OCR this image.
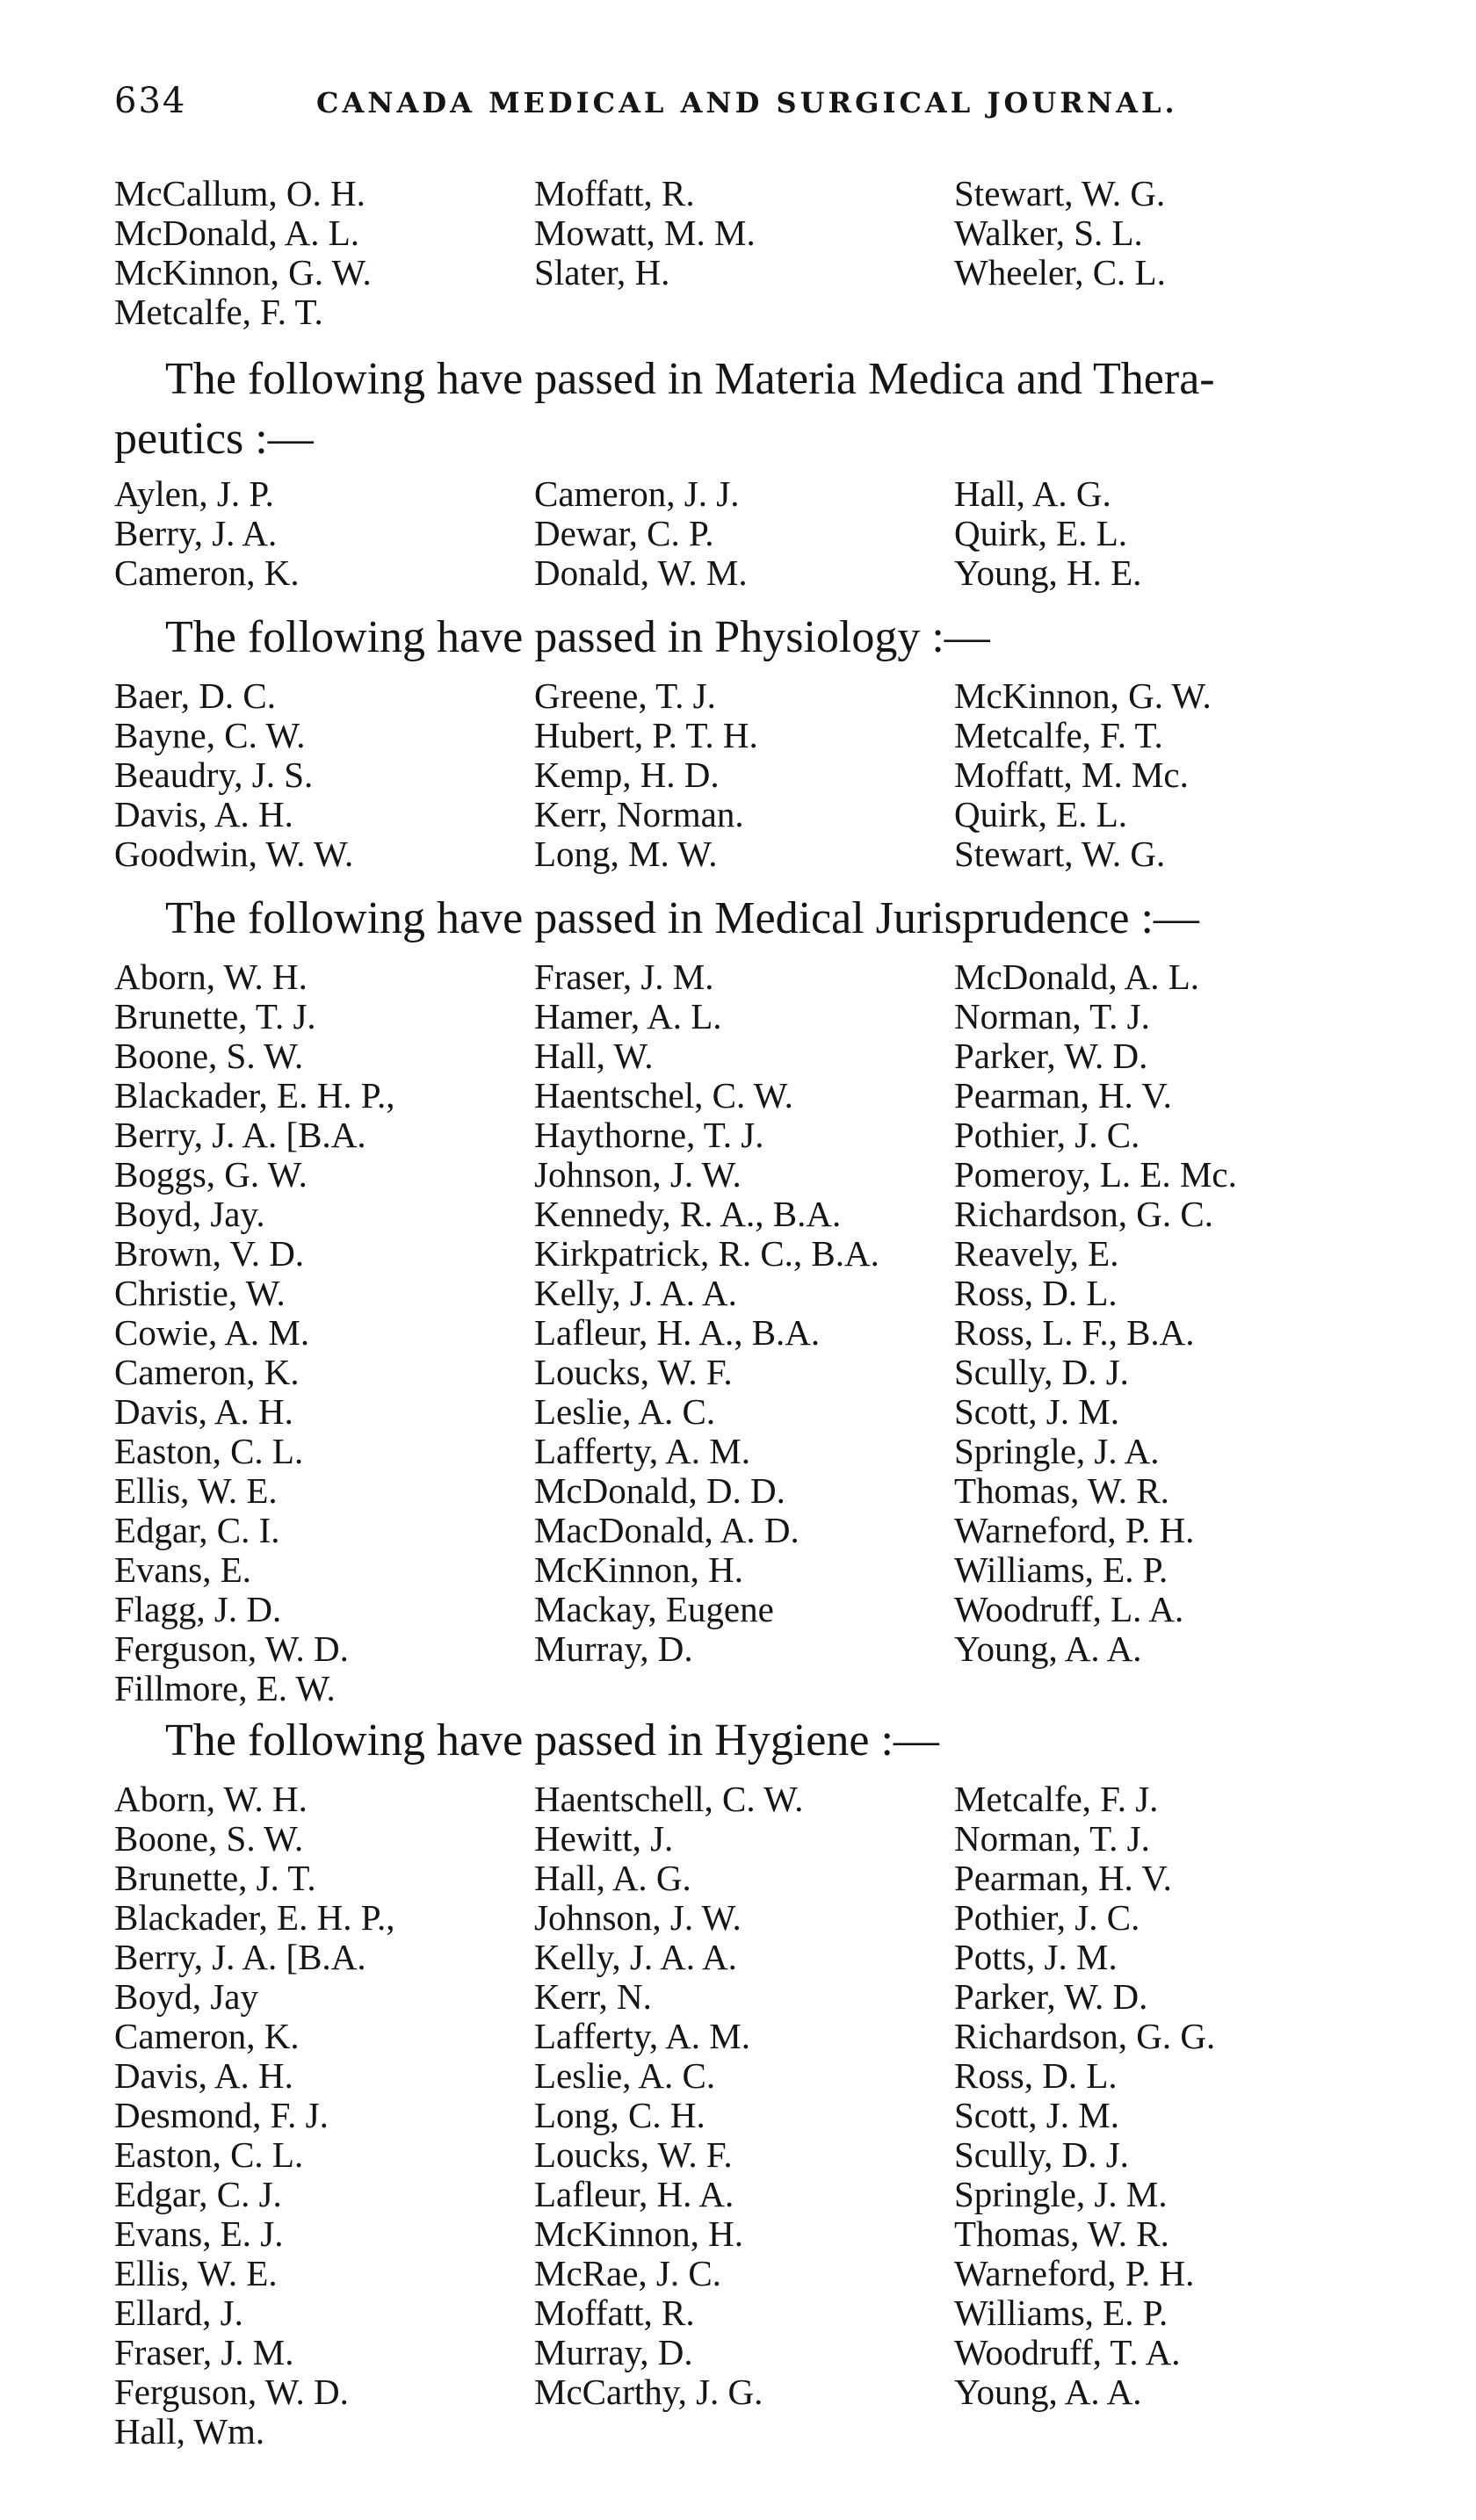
634	CANADA MEDICAL AND SURGICAL JOURNAL.
McCallum, O. H.	Moffatt, R.	Stewart, W. G.
McDonald, A. L.	Mowatt, M. M.	Walker, S. L.
McKinnon, G. W.	Slater, H.	Wheeler, C. L.
Metcalfe, F. T.
The following have passed in Materia Medica and Thera-
peutics :—
Aylen, J. P.	Cameron, J. J.	Hall, A. G.
Berry, J. A.	Dewar, C. P.	Quirk, E. L.
Cameron, K.	Donald, W. M.	Young, H. E.
The following have passed in Physiology :—
Baer, D. C.	Greene, T. J.	McKinnon, G. W.
Bayne, C. W.	Hubert, P. T. H.	Metcalfe, F. T.
Beaudry, J. S.	Kemp, H. D.	Moffatt, M. Mc.
Davis, A. H.	Kerr, Norman.	Quirk, E. L.
Goodwin, W. W.	Long, M. W.	Stewart, W. G.
The following have passed in Medical Jurisprudence :—
Aborn, W. H.	Fraser, J. M.	McDonald, A. L.
Brunette, T. J.	Hamer, A. L.	Norman, T. J.
Boone, S. W.	Hall, W.	Parker, W. D.
Blackader, E. H. P.,	Haentschel, C. W.	Pearman, H. V.
Berry, J. A. [B.A.	Haythorne, T. J.	Pothier, J. C.
Boggs, G. W.	Johnson, J. W.	Pomeroy, L. E. Mc.
Boyd, Jay.	Kennedy, R. A., B.A.	Richardson, G. C.
Brown, V. D.	Kirkpatrick, R. C., B.A.	Reavely, E.
Christie, W.	Kelly, J. A. A.	Ross, D. L.
Cowie, A. M.	Lafleur, H. A., B.A.	Ross, L. F., B.A.
Cameron, K.	Loucks, W. F.	Scully, D. J.
Davis, A. H.	Leslie, A. C.	Scott, J. M.
Easton, C. L.	Lafferty, A. M.	Springle, J. A.
Ellis, W. E.	McDonald, D. D.	Thomas, W. R.
Edgar, C. I.	MacDonald, A. D.	Warneford, P. H.
Evans, E.	McKinnon, H.	Williams, E. P.
Flagg, J. D.	Mackay, Eugene	Woodruff, L. A.
Ferguson, W. D.	Murray, D.	Young, A. A.
Fillmore, E. W.
The following have passed in Hygiene :—
Aborn, W. H.	Haentschell, C. W.	Metcalfe, F. J.
Boone, S. W.	Hewitt, J.	Norman, T. J.
Brunette, J. T.	Hall, A. G.	Pearman, H. V.
Blackader, E. H. P.,	Johnson, J. W.	Pothier, J. C.
Berry, J. A. [B.A.	Kelly, J. A. A.	Potts, J. M.
Boyd, Jay	Kerr, N.	Parker, W. D.
Cameron, K.	Lafferty, A. M.	Richardson, G. G.
Davis, A. H.	Leslie, A. C.	Ross, D. L.
Desmond, F. J.	Long, C. H.	Scott, J. M.
Easton, C. L.	Loucks, W. F.	Scully, D. J.
Edgar, C. J.	Lafleur, H. A.	Springle, J. M.
Evans, E. J.	McKinnon, H.	Thomas, W. R.
Ellis, W. E.	McRae, J. C.	Warneford, P. H.
Ellard, J.	Moffatt, R.	Williams, E. P.
Fraser, J. M.	Murray, D.	Woodruff, T. A.
Ferguson, W. D.	McCarthy, J. G.	Young, A. A.
Hall, Wm.
